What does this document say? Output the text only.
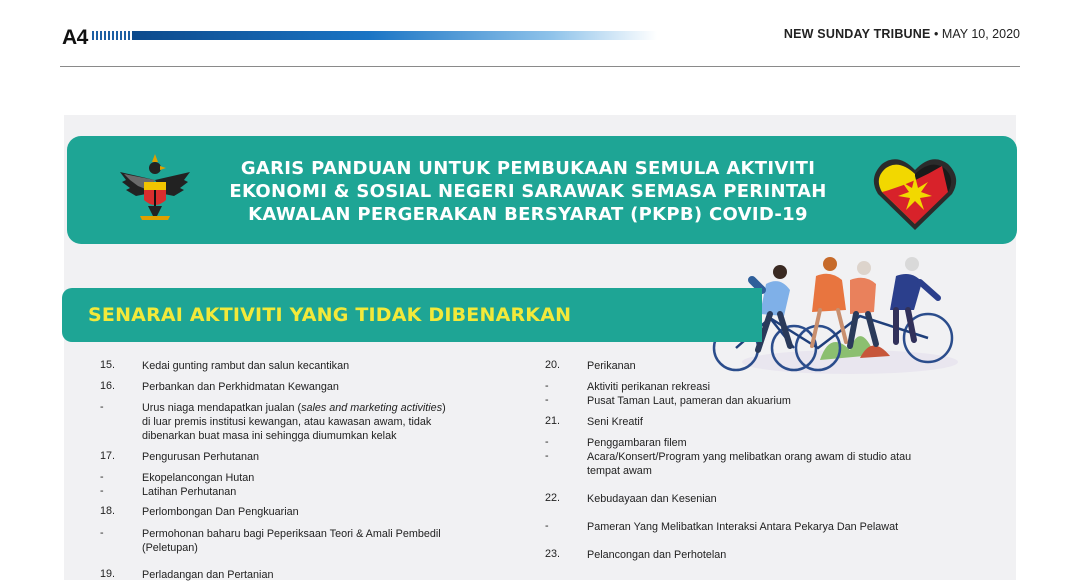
A4	NEW SUNDAY TRIBUNE • MAY 10, 2020
GARIS PANDUAN UNTUK PEMBUKAAN SEMULA AKTIVITI
EKONOMI & SOSIAL NEGERI SARAWAK SEMASA PERINTAH
KAWALAN PERGERAKAN BERSYARAT (PKPB) COVID-19
SENARAI AKTIVITI YANG TIDAK DIBENARKAN
15. Kedai gunting rambut dan salun kecantikan
16. Perbankan dan Perkhidmatan Kewangan
-	Urus niaga mendapatkan jualan (sales and marketing activities)
di luar premis institusi kewangan, atau kawasan awam, tidak
dibenarkan buat masa ini sehingga diumumkan kelak
17. Pengurusan Perhutanan
-	Ekopelancongan Hutan
-	Latihan Perhutanan
18. Perlombongan Dan Pengkuarian
-	Permohonan baharu bagi Peperiksaan Teori & Amali Pembedil
(Peletupan)
19. Perladangan dan Pertanian
20. Perikanan
-	Aktiviti perikanan rekreasi
-	Pusat Taman Laut, pameran dan akuarium
21. Seni Kreatif
-	Penggambaran filem
-	Acara/Konsert/Program yang melibatkan orang awam di studio atau
tempat awam
22. Kebudayaan dan Kesenian
-	Pameran Yang Melibatkan Interaksi Antara Pekarya Dan Pelawat
23. Pelancongan dan Perhotelan
